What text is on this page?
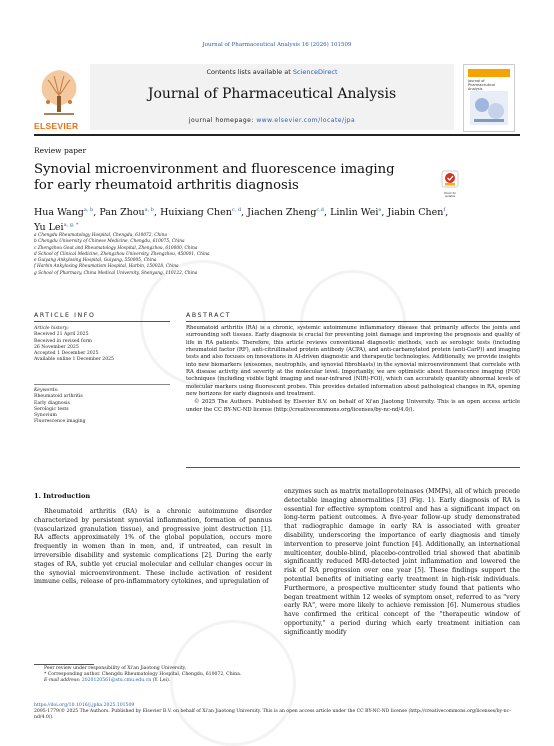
Journal of Pharmaceutical Analysis 16 (2026) 101509
ELSEVIER
Contents lists available at ScienceDirect
Journal of Pharmaceutical Analysis
journal homepage: www.elsevier.com/locate/jpa
Journal of Pharmaceutical Analysis
Review paper
Synovial microenvironment and fluorescence imaging for early rheumatoid arthritis diagnosis
Check for updates
Hua Wang$^{a, b}$, Pan Zhou$^{a, b}$, Huixiang Chen$^{c, d}$, Jiachen Zheng$^{c,d}$, Linlin Wei$^e$, Jiabin Chen$^f$, Yu Lei$^{a, g, *}$
a Chengdu Rheumatology Hospital, Chengdu, 610072, China
b Chengdu University of Chinese Medicine, Chengdu, 610075, China
c Zhengzhou Gout and Rheumatology Hospital, Zhengzhou, 610000, China
d School of Clinical Medicine, Zhengzhou University, Zhengzhou, 450001, China
e Guiyang Ankylosing Hospital, Guiyang, 550005, China
f Harbin Ankylosing Rheumatism Hospital, Harbin, 150028, China
g School of Pharmacy, China Medical University, Shenyang, 110122, China
ARTICLE INFO	ABSTRACT
Article history:
Received 21 April 2025
Received in revised form
26 November 2025
Accepted 1 December 2025
Available online 1 December 2025
Keywords:
Rheumatoid arthritis
Early diagnosis
Serologic tests
Synovium
Fluorescence imaging
Rheumatoid arthritis (RA) is a chronic, systemic autoimmune inflammatory disease that primarily affects the joints and surrounding soft tissues. Early diagnosis is crucial for preventing joint damage and improving the prognosis and quality of life in RA patients. Therefore, this article reviews conventional diagnostic methods, such as serologic tests (including rheumatoid factor (RF), anti-citrullinated protein antibody (ACPA), and anti-carbamylated protein (anti-CarP)) and imaging tests and also focuses on innovations in AI-driven diagnostic and therapeutic technologies. Additionally, we provide insights into new biomarkers (exosomes, neutrophils, and synovial fibroblasts) in the synovial microenvironment that correlate with RA disease activity and severity at the molecular level. Importantly, we are optimistic about fluorescence imaging (FOI) techniques (including visible light imaging and near-infrared (NIR)-FOI), which can accurately quantify abnormal levels of molecular markers using fluorescent probes. This provides detailed information about pathological changes in RA, opening new horizons for early diagnosis and treatment.
© 2025 The Authors. Published by Elsevier B.V. on behalf of Xi'an Jiaotong University. This is an open access article under the CC BY-NC-ND license (http://creativecommons.org/licenses/by-nc-nd/4.0/).
1. Introduction
Rheumatoid arthritis (RA) is a chronic autoimmune disorder characterized by persistent synovial inflammation, formation of pannus (vascularized granulation tissue), and progressive joint destruction [1]. RA affects approximately 1% of the global population, occurs more frequently in women than in men, and, if untreated, can result in irreversible disability and systemic complications [2]. During the early stages of RA, subtle yet crucial molecular and cellular changes occur in the synovial microenvironment. These include activation of resident immune cells, release of pro-inflammatory cytokines, and upregulation of
enzymes such as matrix metalloproteinases (MMPs), all of which precede detectable imaging abnormalities [3] (Fig. 1). Early diagnosis of RA is essential for effective symptom control and has a significant impact on long-term patient outcomes. A five-year follow-up study demonstrated that radiographic damage in early RA is associated with greater disability, underscoring the importance of early diagnosis and timely intervention to preserve joint function [4]. Additionally, an international multicenter, double-blind, placebo-controlled trial showed that abatinib significantly reduced MRI-detected joint inflammation and lowered the risk of RA progression over one year [5]. These findings support the potential benefits of initiating early treatment in high-risk individuals. Furthermore, a prospective multicenter study found that patients who began treatment within 12 weeks of symptom onset, referred to as "very early RA", were more likely to achieve remission [6]. Numerous studies have confirmed the critical concept of the "therapeutic window of opportunity," a period during which early treatment initiation can significantly modify
Peer review under responsibility of Xi'an Jiaotong University.
* Corresponding author. Chengdu Rheumatology Hospital, Chengdu, 610072, China.
E-mail address: 2020120561@stu.cmu.edu.cn (Y. Lei).
https://doi.org/10.1016/j.jpha.2025.101509
2095-1779/© 2025 The Authors. Published by Elsevier B.V. on behalf of Xi'an Jiaotong University. This is an open access article under the CC BY-NC-ND license (http://creativecommons.org/licenses/by-nc-nd/4.0/).
